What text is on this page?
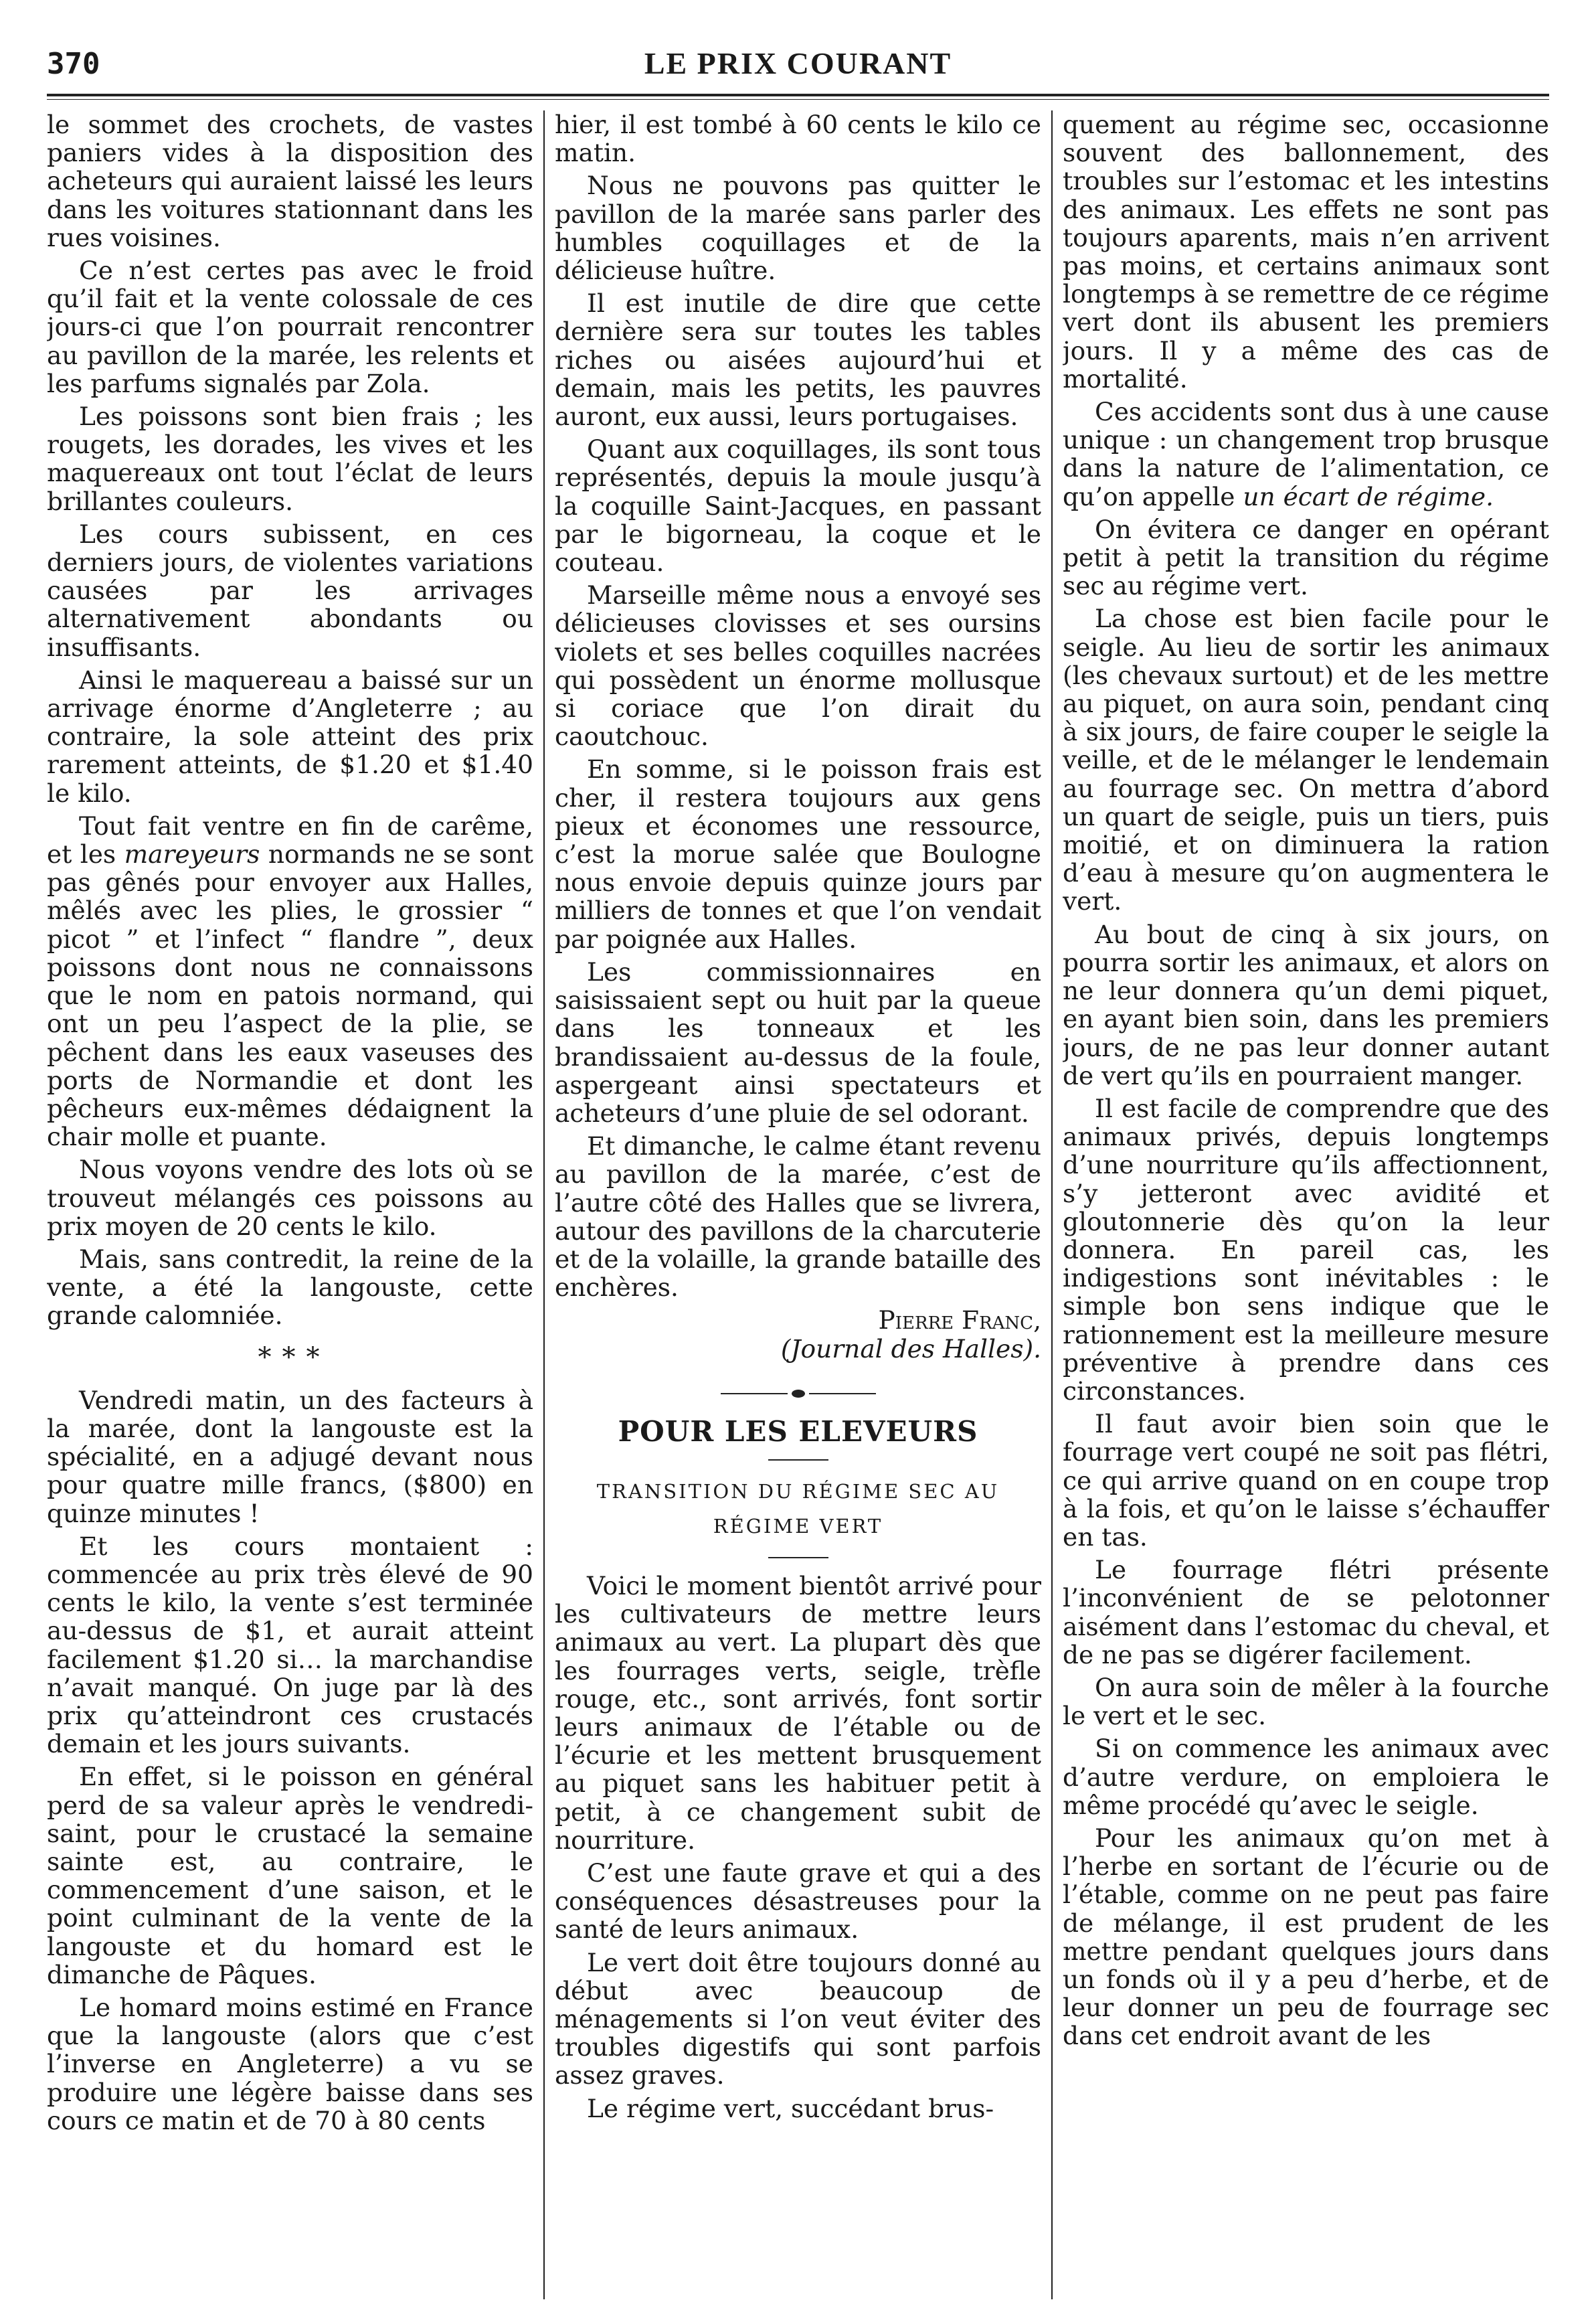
370	LE PRIX COURANT

le sommet des crochets, de vastes paniers vides à la disposition des acheteurs qui auraient laissé les leurs dans les voitures stationnant dans les rues voisines.

Ce n’est certes pas avec le froid qu’il fait et la vente colossale de ces jours-ci que l’on pourrait rencontrer au pavillon de la marée, les relents et les parfums signalés par Zola.

Les poissons sont bien frais ; les rougets, les dorades, les vives et les maquereaux ont tout l’éclat de leurs brillantes couleurs.

Les cours subissent, en ces derniers jours, de violentes variations causées par les arrivages alternativement abondants ou insuffisants.

Ainsi le maquereau a baissé sur un arrivage énorme d’Angleterre ; au contraire, la sole atteint des prix rarement atteints, de $1.20 et $1.40 le kilo.

Tout fait ventre en fin de carême, et les mareyeurs normands ne se sont pas gênés pour envoyer aux Halles, mêlés avec les plies, le grossier “ picot ” et l’infect “ flandre ”, deux poissons dont nous ne connaissons que le nom en patois normand, qui ont un peu l’aspect de la plie, se pêchent dans les eaux vaseuses des ports de Normandie et dont les pêcheurs eux-mêmes dédaignent la chair molle et puante.

Nous voyons vendre des lots où se trouveut mélangés ces poissons au prix moyen de 20 cents le kilo.

Mais, sans contredit, la reine de la vente, a été la langouste, cette grande calomniée.

* * *

Vendredi matin, un des facteurs à la marée, dont la langouste est la spécialité, en a adjugé devant nous pour quatre mille francs, ($800) en quinze minutes !

Et les cours montaient : commencée au prix très élevé de 90 cents le kilo, la vente s’est terminée au-dessus de $1, et aurait atteint facilement $1.20 si… la marchandise n’avait manqué. On juge par là des prix qu’atteindront ces crustacés demain et les jours suivants.

En effet, si le poisson en général perd de sa valeur après le vendredi-saint, pour le crustacé la semaine sainte est, au contraire, le commencement d’une saison, et le point culminant de la vente de la langouste et du homard est le dimanche de Pâques.

Le homard moins estimé en France que la langouste (alors que c’est l’inverse en Angleterre) a vu se produire une légère baisse dans ses cours ce matin et de 70 à 80 cents

hier, il est tombé à 60 cents le kilo ce matin.

Nous ne pouvons pas quitter le pavillon de la marée sans parler des humbles coquillages et de la délicieuse huître.

Il est inutile de dire que cette dernière sera sur toutes les tables riches ou aisées aujourd’hui et demain, mais les petits, les pauvres auront, eux aussi, leurs portugaises.

Quant aux coquillages, ils sont tous représentés, depuis la moule jusqu’à la coquille Saint-Jacques, en passant par le bigorneau, la coque et le couteau.

Marseille même nous a envoyé ses délicieuses clovisses et ses oursins violets et ses belles coquilles nacrées qui possèdent un énorme mollusque si coriace que l’on dirait du caoutchouc.

En somme, si le poisson frais est cher, il restera toujours aux gens pieux et économes une ressource, c’est la morue salée que Boulogne nous envoie depuis quinze jours par milliers de tonnes et que l’on vendait par poignée aux Halles.

Les commissionnaires en saisissaient sept ou huit par la queue dans les tonneaux et les brandissaient au-dessus de la foule, aspergeant ainsi spectateurs et acheteurs d’une pluie de sel odorant.

Et dimanche, le calme étant revenu au pavillon de la marée, c’est de l’autre côté des Halles que se livrera, autour des pavillons de la charcuterie et de la volaille, la grande bataille des enchères.

Pierre Franc,
(Journal des Halles).

POUR LES ELEVEURS
TRANSITION DU RÉGIME SEC AU RÉGIME VERT

Voici le moment bientôt arrivé pour les cultivateurs de mettre leurs animaux au vert. La plupart dès que les fourrages verts, seigle, trèfle rouge, etc., sont arrivés, font sortir leurs animaux de l’étable ou de l’écurie et les mettent brusquement au piquet sans les habituer petit à petit, à ce changement subit de nourriture.

C’est une faute grave et qui a des conséquences désastreuses pour la santé de leurs animaux.

Le vert doit être toujours donné au début avec beaucoup de ménagements si l’on veut éviter des troubles digestifs qui sont parfois assez graves.

Le régime vert, succédant brus-

quement au régime sec, occasionne souvent des ballonnement, des troubles sur l’estomac et les intestins des animaux. Les effets ne sont pas toujours aparents, mais n’en arrivent pas moins, et certains animaux sont longtemps à se remettre de ce régime vert dont ils abusent les premiers jours. Il y a même des cas de mortalité.

Ces accidents sont dus à une cause unique : un changement trop brusque dans la nature de l’alimentation, ce qu’on appelle un écart de régime.

On évitera ce danger en opérant petit à petit la transition du régime sec au régime vert.

La chose est bien facile pour le seigle. Au lieu de sortir les animaux (les chevaux surtout) et de les mettre au piquet, on aura soin, pendant cinq à six jours, de faire couper le seigle la veille, et de le mélanger le lendemain au fourrage sec. On mettra d’abord un quart de seigle, puis un tiers, puis moitié, et on diminuera la ration d’eau à mesure qu’on augmentera le vert.

Au bout de cinq à six jours, on pourra sortir les animaux, et alors on ne leur donnera qu’un demi piquet, en ayant bien soin, dans les premiers jours, de ne pas leur donner autant de vert qu’ils en pourraient manger.

Il est facile de comprendre que des animaux privés, depuis longtemps d’une nourriture qu’ils affectionnent, s’y jetteront avec avidité et gloutonnerie dès qu’on la leur donnera. En pareil cas, les indigestions sont inévitables : le simple bon sens indique que le rationnement est la meilleure mesure préventive à prendre dans ces circonstances.

Il faut avoir bien soin que le fourrage vert coupé ne soit pas flétri, ce qui arrive quand on en coupe trop à la fois, et qu’on le laisse s’échauffer en tas.

Le fourrage flétri présente l’inconvénient de se pelotonner aisément dans l’estomac du cheval, et de ne pas se digérer facilement.

On aura soin de mêler à la fourche le vert et le sec.

Si on commence les animaux avec d’autre verdure, on emploiera le même procédé qu’avec le seigle.

Pour les animaux qu’on met à l’herbe en sortant de l’écurie ou de l’étable, comme on ne peut pas faire de mélange, il est prudent de les mettre pendant quelques jours dans un fonds où il y a peu d’herbe, et de leur donner un peu de fourrage sec dans cet endroit avant de les
